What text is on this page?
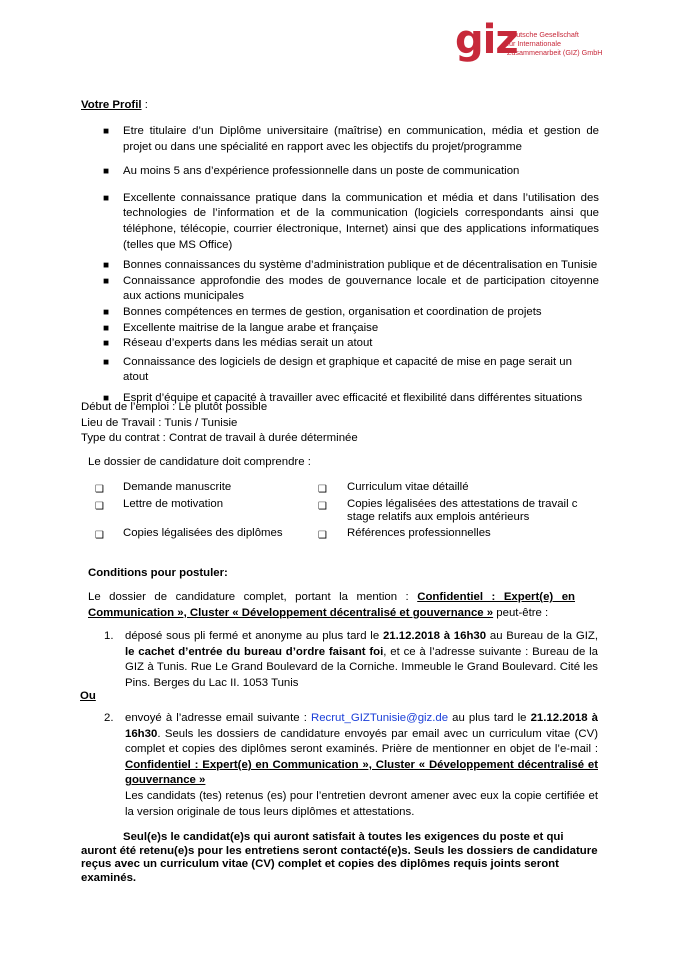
giz
Deutsche Gesellschaft
für Internationale
Zusammenarbeit (GIZ) GmbH
Votre Profil :
■ Etre titulaire d’un Diplôme universitaire (maîtrise) en communication, média et gestion de projet ou dans une spécialité en rapport avec les objectifs du projet/programme
■ Au moins 5 ans d’expérience professionnelle dans un poste de communication
■ Excellente connaissance pratique dans la communication et média et dans l’utilisation des technologies de l’information et de la communication (logiciels correspondants ainsi que téléphone, télécopie, courrier électronique, Internet) ainsi que des applications informatiques (telles que MS Office)
■ Bonnes connaissances du système d’administration publique et de décentralisation en Tunisie
■ Connaissance approfondie des modes de gouvernance locale et de participation citoyenne aux actions municipales
■ Bonnes compétences en termes de gestion, organisation et coordination de projets
■ Excellente maitrise de la langue arabe et française
■ Réseau d’experts dans les médias serait un atout
■ Connaissance des logiciels de design et graphique et capacité de mise en page serait un atout
■ Esprit d’équipe et capacité à travailler avec efficacité et flexibilité dans différentes situations
Début de l’emploi : Le plutôt possible
Lieu de Travail : Tunis / Tunisie
Type du contrat : Contrat de travail à durée déterminée
Le dossier de candidature doit comprendre :
❑ Demande manuscrite
❑ Lettre de motivation
❑ Copies légalisées des diplômes
❑ Curriculum vitae détaillé
❑ Copies légalisées des attestations de travail c
stage relatifs aux emplois antérieurs
❑ Références professionnelles
Conditions pour postuler:
Le dossier de candidature complet, portant la mention : Confidentiel : Expert(e) en Communication », Cluster « Développement décentralisé et gouvernance » peut-être :
1. déposé sous pli fermé et anonyme au plus tard le 21.12.2018 à 16h30 au Bureau de la GIZ, le cachet d’entrée du bureau d’ordre faisant foi, et ce à l’adresse suivante : Bureau de la GIZ à Tunis. Rue Le Grand Boulevard de la Corniche. Immeuble le Grand Boulevard. Cité les Pins. Berges du Lac II. 1053 Tunis
Ou
2. envoyé à l’adresse email suivante : Recrut_GIZTunisie@giz.de au plus tard le 21.12.2018 à 16h30. Seuls les dossiers de candidature envoyés par email avec un curriculum vitae (CV) complet et copies des diplômes seront examinés. Prière de mentionner en objet de l’e-mail : Confidentiel : Expert(e) en Communication », Cluster « Développement décentralisé et gouvernance »
Les candidats (tes) retenus (es) pour l’entretien devront amener avec eux la copie certifiée et la version originale de tous leurs diplômes et attestations.
Seul(e)s le candidat(e)s qui auront satisfait à toutes les exigences du poste et qui auront été retenu(e)s pour les entretiens seront contacté(e)s. Seuls les dossiers de candidature reçus avec un curriculum vitae (CV) complet et copies des diplômes requis joints seront examinés.
